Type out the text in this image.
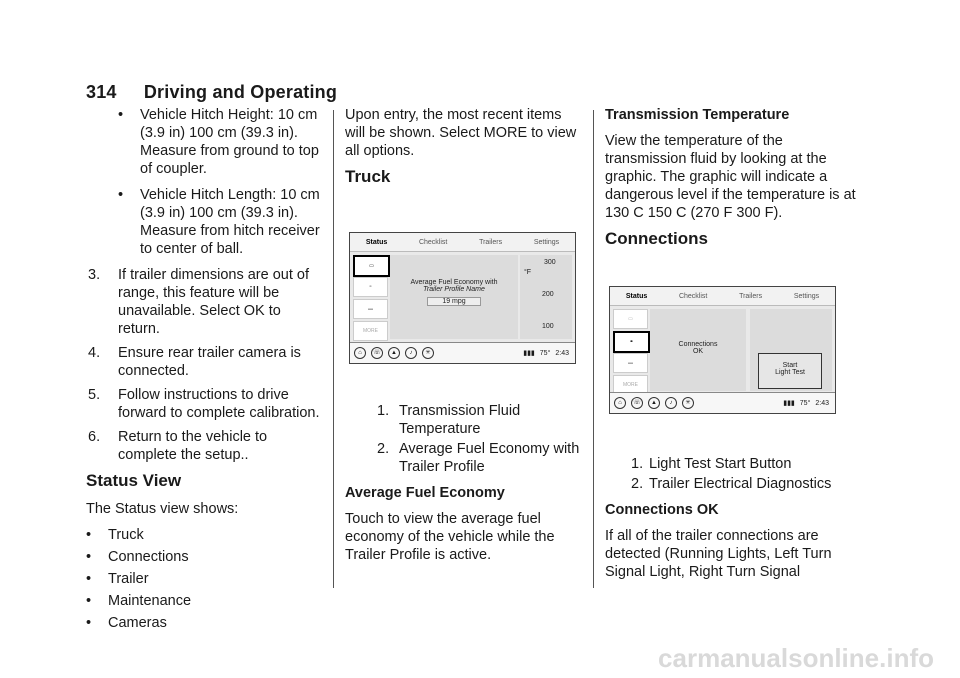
314 Driving and Operating
• Vehicle Hitch Height: 10 cm (3.9 in) 100 cm (39.3 in). Measure from ground to top of coupler.
• Vehicle Hitch Length: 10 cm (3.9 in) 100 cm (39.3 in). Measure from hitch receiver to center of ball.
3. If trailer dimensions are out of range, this feature will be unavailable. Select OK to return.
4. Ensure rear trailer camera is connected.
5. Follow instructions to drive forward to complete calibration.
6. Return to the vehicle to complete the setup..
Status View

The Status view shows:

• Truck
• Connections
• Trailer
• Maintenance
• Cameras

Upon entry, the most recent items will be shown. Select MORE to view all options.

Truck
Status	Checklist	Trailers	Settings
▭
⚭
▬
MORE
Average Fuel Economy with
Trailer Profile Name
19 mpg
300
°F
200
100
⌂	☏	▲	♪	✳	▮▮▮ 75° 2:43
1. Transmission Fluid Temperature
2. Average Fuel Economy with Trailer Profile
Average Fuel Economy

Touch to view the average fuel economy of the vehicle while the Trailer Profile is active.

Transmission Temperature

View the temperature of the transmission fluid by looking at the graphic. The graphic will indicate a dangerous level if the temperature is at 130 C 150 C (270 F 300 F).

Connections
Status	Checklist	Trailers	Settings
▭
⚭
▬
MORE
Connections
OK
Start
Light Test
⌂	☏	▲	♪	✳	▮▮▮ 75° 2:43
1. Light Test Start Button
2. Trailer Electrical Diagnostics
Connections OK

If all of the trailer connections are detected (Running Lights, Left Turn Signal Light, Right Turn Signal

carmanualsonline.info
